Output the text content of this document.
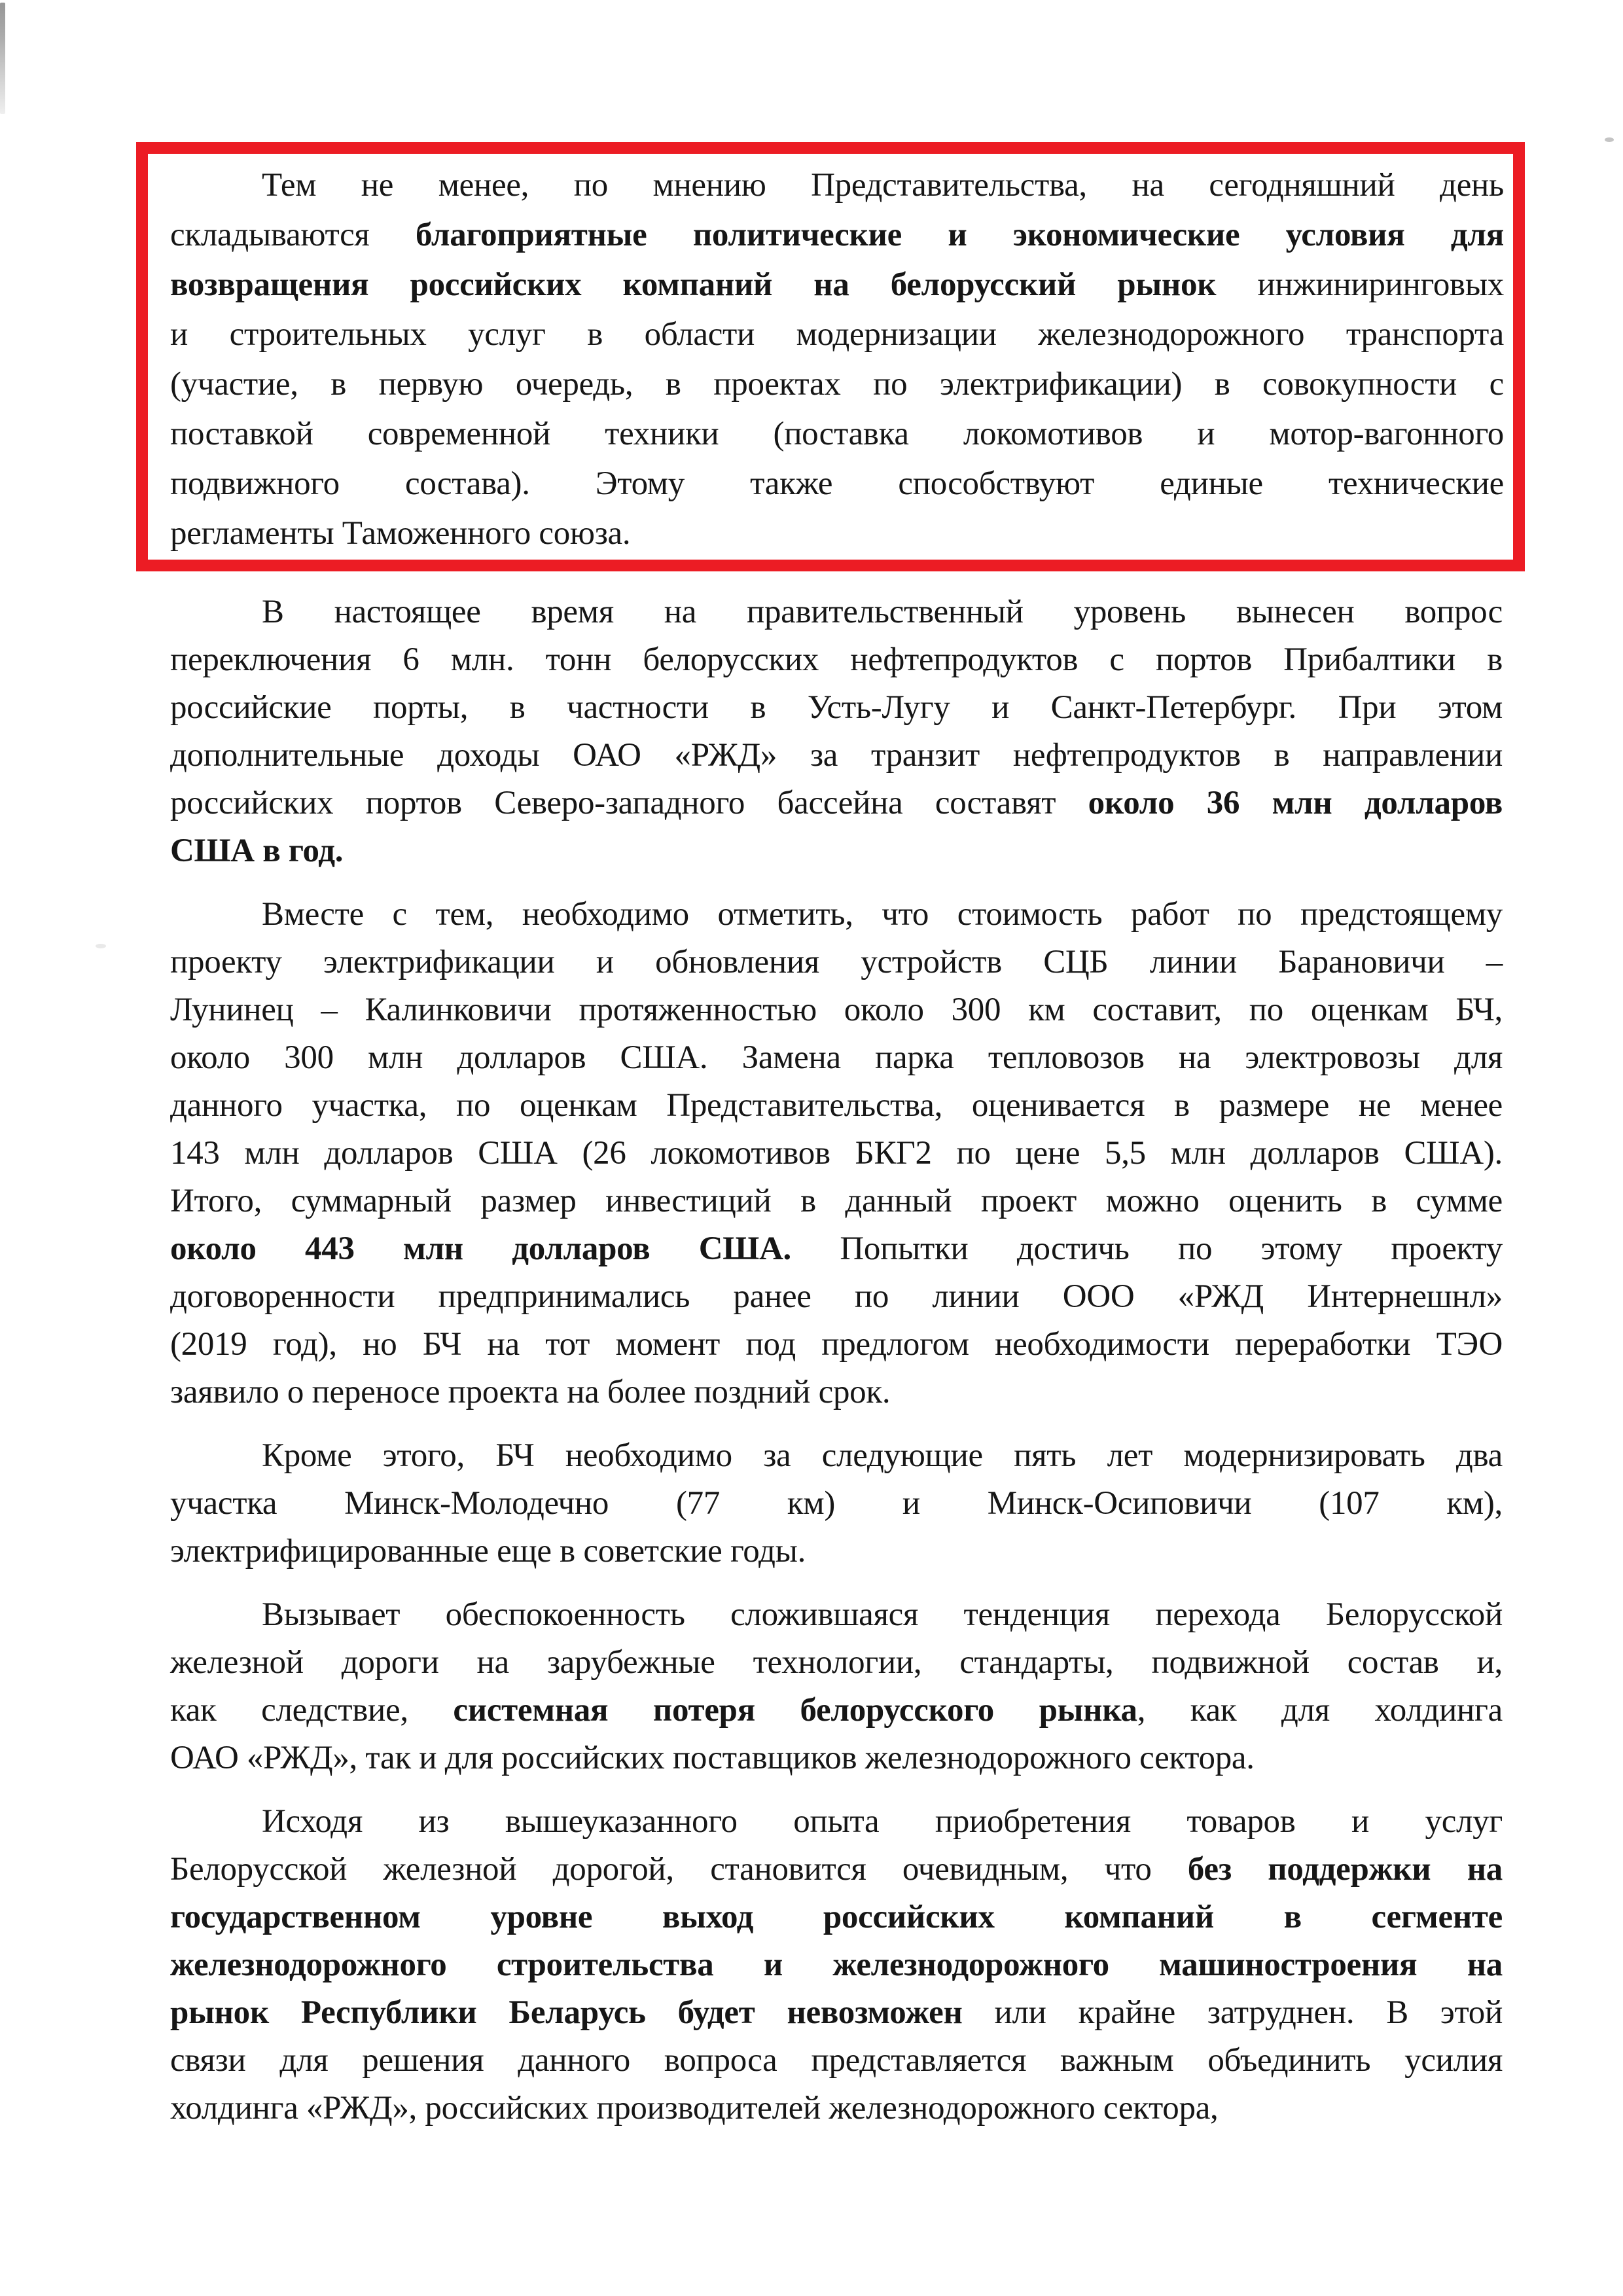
Тем не менее, по мнению Представительства, на сегодняшний день
складываются благоприятные политические и экономические условия для
возвращения российских компаний на белорусский рынок инжиниринговых
и строительных услуг в области модернизации железнодорожного транспорта
(участие, в первую очередь, в проектах по электрификации) в совокупности с
поставкой современной техники (поставка локомотивов и мотор-вагонного
подвижного состава). Этому также способствуют единые технические
регламенты Таможенного союза.
В настоящее время на правительственный уровень вынесен вопрос
переключения 6 млн. тонн белорусских нефтепродуктов с портов Прибалтики в
российские порты, в частности в Усть-Лугу и Санкт-Петербург. При этом
дополнительные доходы ОАО «РЖД» за транзит нефтепродуктов в направлении
российских портов Северо-западного бассейна составят около 36 млн долларов
США в год.
Вместе с тем, необходимо отметить, что стоимость работ по предстоящему
проекту электрификации и обновления устройств СЦБ линии Барановичи –
Лунинец – Калинковичи протяженностью около 300 км составит, по оценкам БЧ,
около 300 млн долларов США. Замена парка тепловозов на электровозы для
данного участка, по оценкам Представительства, оценивается в размере не менее
143 млн долларов США (26 локомотивов БКГ2 по цене 5,5 млн долларов США).
Итого, суммарный размер инвестиций в данный проект можно оценить в сумме
около 443 млн долларов США. Попытки достичь по этому проекту
договоренности предпринимались ранее по линии ООО «РЖД Интернешнл»
(2019 год), но БЧ на тот момент под предлогом необходимости переработки ТЭО
заявило о переносе проекта на более поздний срок.
Кроме этого, БЧ необходимо за следующие пять лет модернизировать два
участка Минск-Молодечно (77 км) и Минск-Осиповичи (107 км),
электрифицированные еще в советские годы.
Вызывает обеспокоенность сложившаяся тенденция перехода Белорусской
железной дороги на зарубежные технологии, стандарты, подвижной состав и,
как следствие, системная потеря белорусского рынка, как для холдинга
ОАО «РЖД», так и для российских поставщиков железнодорожного сектора.
Исходя из вышеуказанного опыта приобретения товаров и услуг
Белорусской железной дорогой, становится очевидным, что без поддержки на
государственном уровне выход российских компаний в сегменте
железнодорожного строительства и железнодорожного машиностроения на
рынок Республики Беларусь будет невозможен или крайне затруднен. В этой
связи для решения данного вопроса представляется важным объединить усилия
холдинга «РЖД», российских производителей железнодорожного сектора,
